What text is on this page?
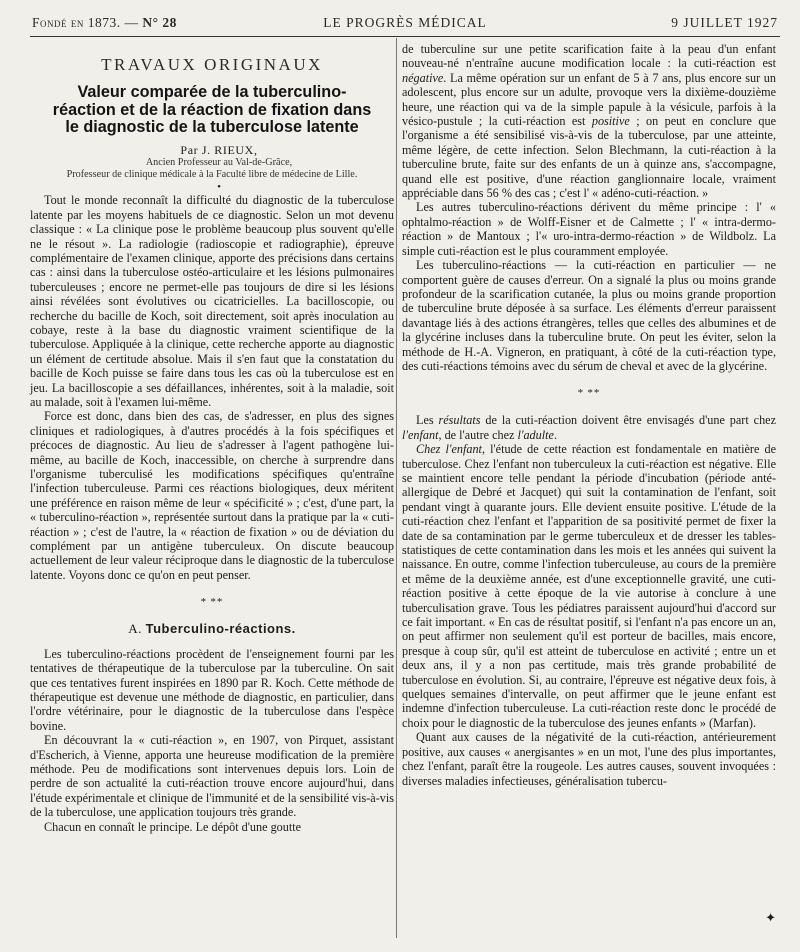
Fondé en 1873. — N° 28	LE PROGRÈS MÉDICAL	9 JUILLET 1927
TRAVAUX ORIGINAUX
Valeur comparée de la tuberculino-
réaction et de la réaction de fixation dans
le diagnostic de la tuberculose latente

Par J. RIEUX,

Ancien Professeur au Val-de-Grâce,
Professeur de clinique médicale à la Faculté libre de médecine de Lille.

•

Tout le monde reconnaît la difficulté du diagnostic de la tuberculose latente par les moyens habituels de ce diagnostic. Selon un mot devenu classique : « La clinique pose le problème beaucoup plus souvent qu'elle ne le résout ». La radiologie (radioscopie et radiographie), épreuve complémentaire de l'examen clinique, apporte des précisions dans certains cas : ainsi dans la tuberculose ostéo-articulaire et les lésions pulmonaires tuberculeuses ; encore ne permet-elle pas toujours de dire si les lésions ainsi révélées sont évolutives ou cicatricielles. La bacilloscopie, ou recherche du bacille de Koch, soit directement, soit après inoculation au cobaye, reste à la base du diagnostic vraiment scientifique de la tuberculose. Appliquée à la clinique, cette recherche apporte au diagnostic un élément de certitude absolue. Mais il s'en faut que la constatation du bacille de Koch puisse se faire dans tous les cas où la tuberculose est en jeu. La bacilloscopie a ses défaillances, inhérentes, soit à la maladie, soit au malade, soit à l'examen lui-même.

Force est donc, dans bien des cas, de s'adresser, en plus des signes cliniques et radiologiques, à d'autres procédés à la fois spécifiques et précoces de diagnostic. Au lieu de s'adresser à l'agent pathogène lui-même, au bacille de Koch, inaccessible, on cherche à surprendre dans l'organisme tuberculisé les modifications spécifiques qu'entraîne l'infection tuberculeuse. Parmi ces réactions biologiques, deux méritent une préférence en raison même de leur « spécificité » ; c'est, d'une part, la « tuberculino-réaction », représentée surtout dans la pratique par la « cuti-réaction » ; c'est de l'autre, la « réaction de fixation » ou de déviation du complément par un antigène tuberculeux. On discute beaucoup actuellement de leur valeur réciproque dans le diagnostic de la tuberculose latente. Voyons donc ce qu'on en peut penser.

* **
A. Tuberculino-réactions.

Les tuberculino-réactions procèdent de l'enseignement fourni par les tentatives de thérapeutique de la tuberculose par la tuberculine. On sait que ces tentatives furent inspirées en 1890 par R. Koch. Cette méthode de thérapeutique est devenue une méthode de diagnostic, en particulier, dans l'ordre vétérinaire, pour le diagnostic de la tuberculose dans l'espèce bovine.

En découvrant la « cuti-réaction », en 1907, von Pirquet, assistant d'Escherich, à Vienne, apporta une heureuse modification de la première méthode. Peu de modifications sont intervenues depuis lors. Loin de perdre de son actualité la cuti-réaction trouve encore aujourd'hui, dans l'étude expérimentale et clinique de l'immunité et de la sensibilité vis-à-vis de la tuberculose, une application toujours très grande.

Chacun en connaît le principe. Le dépôt d'une goutte

de tuberculine sur une petite scarification faite à la peau d'un enfant nouveau-né n'entraîne aucune modification locale : la cuti-réaction est négative. La même opération sur un enfant de 5 à 7 ans, plus encore sur un adolescent, plus encore sur un adulte, provoque vers la dixième-douzième heure, une réaction qui va de la simple papule à la vésicule, parfois à la vésico-pustule ; la cuti-réaction est positive ; on peut en conclure que l'organisme a été sensibilisé vis-à-vis de la tuberculose, par une atteinte, même légère, de cette infection. Selon Blechmann, la cuti-réaction à la tuberculine brute, faite sur des enfants de un à quinze ans, s'accompagne, quand elle est positive, d'une réaction ganglionnaire locale, vraiment appréciable dans 56 % des cas ; c'est l' « adéno-cuti-réaction. »

Les autres tuberculino-réactions dérivent du même principe : l' « ophtalmo-réaction » de Wolff-Eisner et de Calmette ; l' « intra-dermo-réaction » de Mantoux ; l'« uro-intra-dermo-réaction » de Wildbolz. La simple cuti-réaction est le plus couramment employée.

Les tuberculino-réactions — la cuti-réaction en particulier — ne comportent guère de causes d'erreur. On a signalé la plus ou moins grande profondeur de la scarification cutanée, la plus ou moins grande proportion de tuberculine brute déposée à sa surface. Les éléments d'erreur paraissent davantage liés à des actions étrangères, telles que celles des albumines et de la glycérine incluses dans la tuberculine brute. On peut les éviter, selon la méthode de H.-A. Vigneron, en pratiquant, à côté de la cuti-réaction type, des cuti-réactions témoins avec du sérum de cheval et avec de la glycérine.

* **

Les résultats de la cuti-réaction doivent être envisagés d'une part chez l'enfant, de l'autre chez l'adulte.

Chez l'enfant, l'étude de cette réaction est fondamentale en matière de tuberculose. Chez l'enfant non tuberculeux la cuti-réaction est négative. Elle se maintient encore telle pendant la période d'incubation (période anté-allergique de Debré et Jacquet) qui suit la contamination de l'enfant, soit pendant vingt à quarante jours. Elle devient ensuite positive. L'étude de la cuti-réaction chez l'enfant et l'apparition de sa positivité permet de fixer la date de sa contamination par le germe tuberculeux et de dresser les tables-statistiques de cette contamination dans les mois et les années qui suivent la naissance. En outre, comme l'infection tuberculeuse, au cours de la première et même de la deuxième année, est d'une exceptionnelle gravité, une cuti-réaction positive à cette époque de la vie autorise à conclure à une tuberculisation grave. Tous les pédiatres paraissent aujourd'hui d'accord sur ce fait important. « En cas de résultat positif, si l'enfant n'a pas encore un an, on peut affirmer non seulement qu'il est porteur de bacilles, mais encore, presque à coup sûr, qu'il est atteint de tuberculose en activité ; entre un et deux ans, il y a non pas certitude, mais très grande probabilité de tuberculose en évolution. Si, au contraire, l'épreuve est négative deux fois, à quelques semaines d'intervalle, on peut affirmer que le jeune enfant est indemne d'infection tuberculeuse. La cuti-réaction reste donc le procédé de choix pour le diagnostic de la tuberculose des jeunes enfants » (Marfan).

Quant aux causes de la négativité de la cuti-réaction, antérieurement positive, aux causes « anergisantes » en un mot, l'une des plus importantes, chez l'enfant, paraît être la rougeole. Les autres causes, souvent invoquées : diverses maladies infectieuses, généralisation tubercu-

✦
